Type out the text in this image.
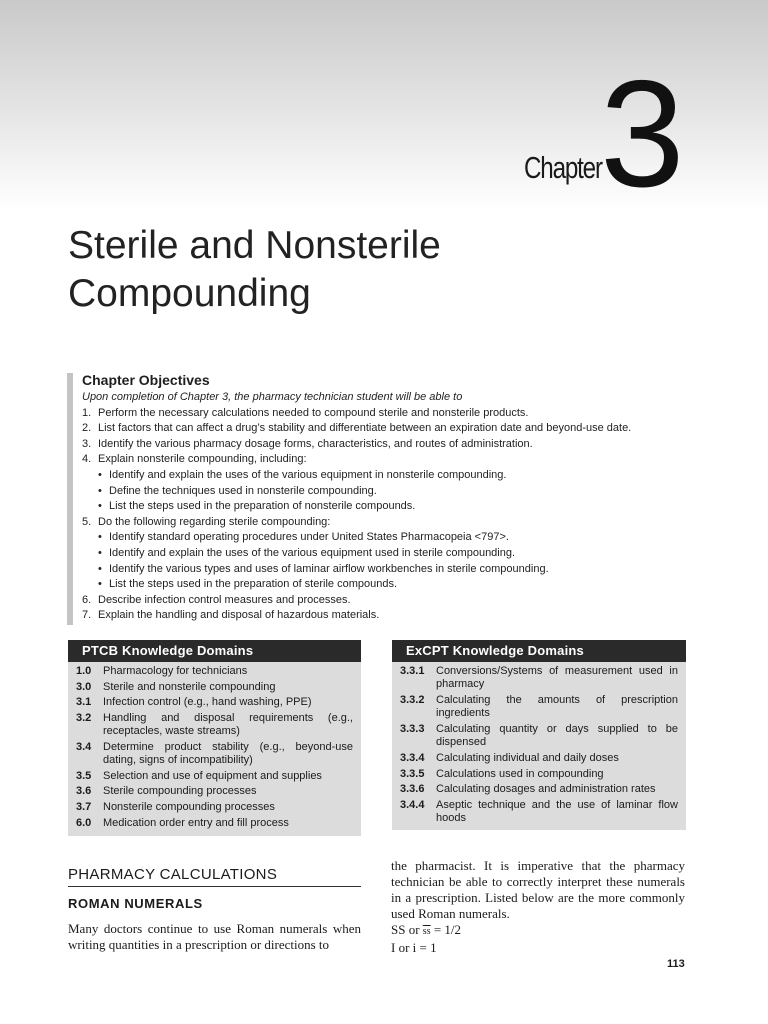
Chapter
3
Sterile and Nonsterile
Compounding
Chapter Objectives
Upon completion of Chapter 3, the pharmacy technician student will be able to
1. Perform the necessary calculations needed to compound sterile and nonsterile products.
2. List factors that can affect a drug’s stability and differentiate between an expiration date and beyond-use date.
3. Identify the various pharmacy dosage forms, characteristics, and routes of administration.
4. Explain nonsterile compounding, including:
• Identify and explain the uses of the various equipment in nonsterile compounding.
• Define the techniques used in nonsterile compounding.
• List the steps used in the preparation of nonsterile compounds.
5. Do the following regarding sterile compounding:
• Identify standard operating procedures under United States Pharmacopeia <797>.
• Identify and explain the uses of the various equipment used in sterile compounding.
• Identify the various types and uses of laminar airflow workbenches in sterile compounding.
• List the steps used in the preparation of sterile compounds.
6. Describe infection control measures and processes.
7. Explain the handling and disposal of hazardous materials.
PTCB Knowledge Domains
1.0	Pharmacology for technicians
3.0	Sterile and nonsterile compounding
3.1	Infection control (e.g., hand washing, PPE)
3.2	Handling and disposal requirements (e.g., receptacles, waste streams)
3.4	Determine product stability (e.g., beyond-use dating, signs of incompatibility)
3.5	Selection and use of equipment and supplies
3.6	Sterile compounding processes
3.7	Nonsterile compounding processes
6.0	Medication order entry and fill process
ExCPT Knowledge Domains
3.3.1	Conversions/Systems of measurement used in pharmacy
3.3.2	Calculating the amounts of prescription ingredients
3.3.3	Calculating quantity or days supplied to be dispensed
3.3.4	Calculating individual and daily doses
3.3.5	Calculations used in compounding
3.3.6	Calculating dosages and administration rates
3.4.4	Aseptic technique and the use of laminar flow hoods
PHARMACY CALCULATIONS
ROMAN NUMERALS
Many doctors continue to use Roman numerals when writing quantities in a prescription or directions to
the pharmacist. It is imperative that the pharmacy technician be able to correctly interpret these numerals in a prescription. Listed below are the more commonly used Roman numerals.
SS or $\overline{ss} = 1/2$
I or i = 1
113
